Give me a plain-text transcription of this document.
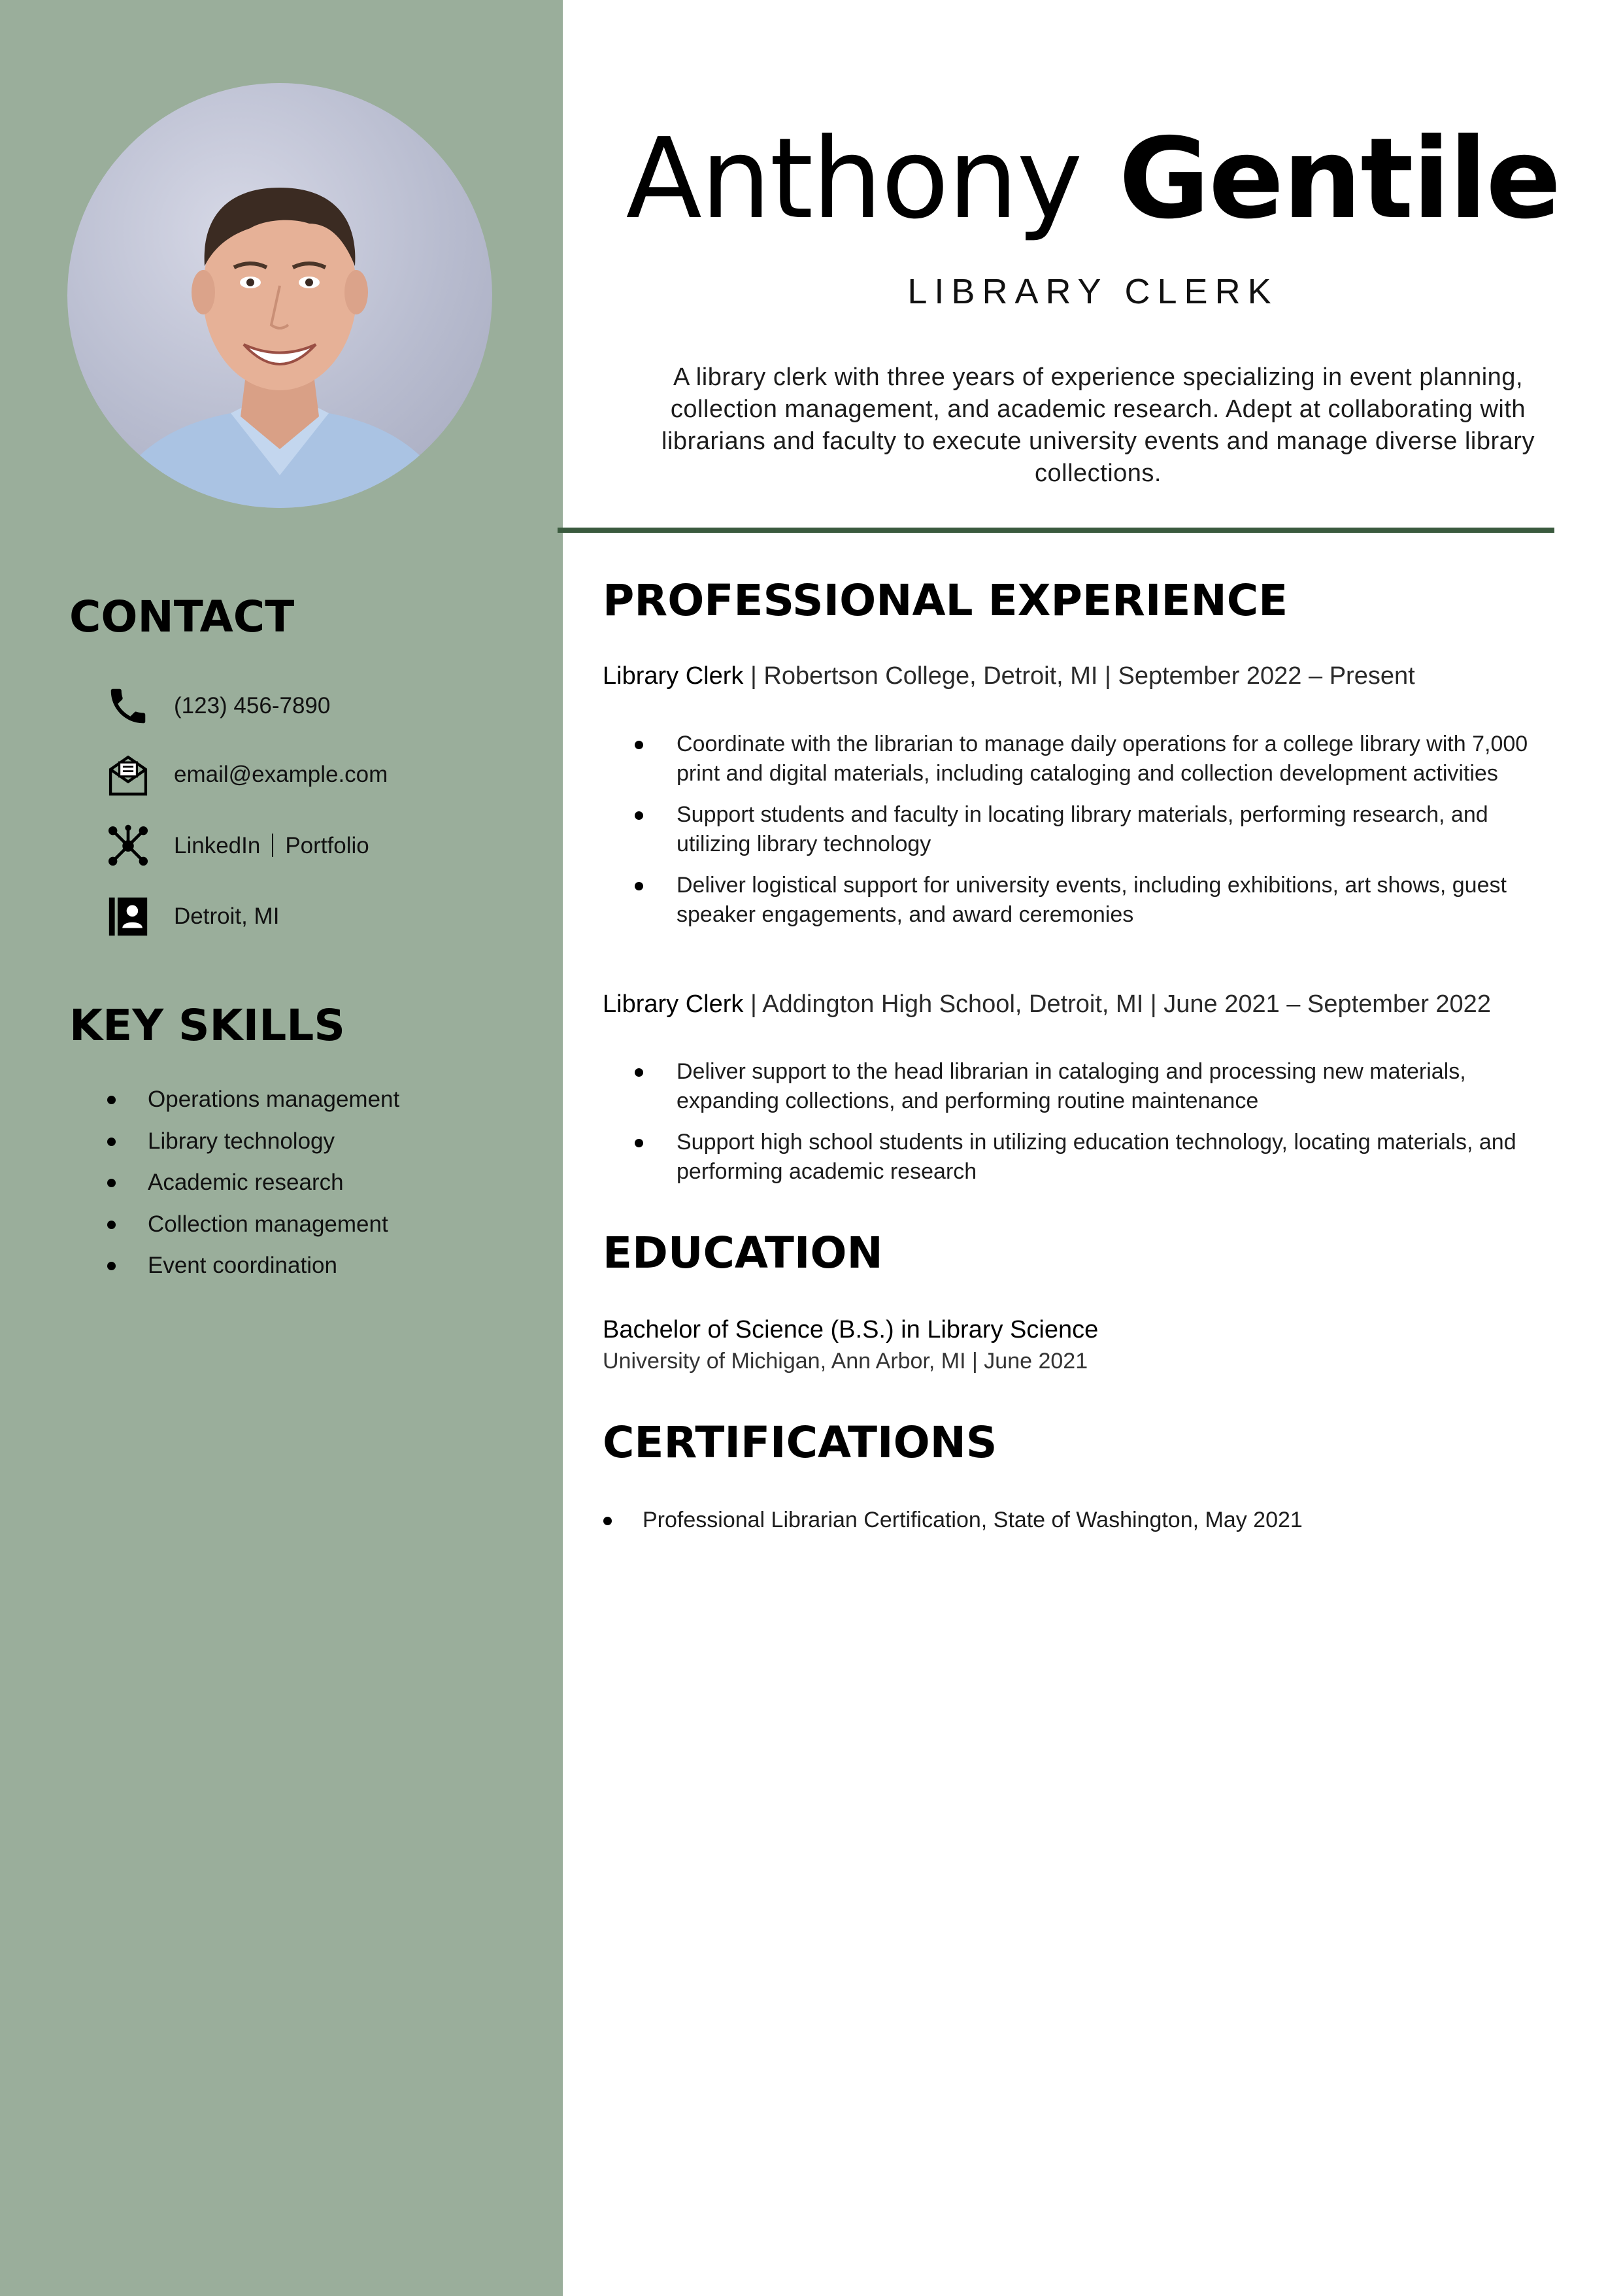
CONTACT
(123) 456-7890
email@example.com
LinkedIn Portfolio
Detroit, MI
KEY SKILLS
Operations management
Library technology
Academic research
Collection management
Event coordination
Anthony Gentile
LIBRARY CLERK
A library clerk with three years of experience specializing in event planning, collection management, and academic research. Adept at collaborating with librarians and faculty to execute university events and manage diverse library collections.
PROFESSIONAL EXPERIENCE
Library Clerk | Robertson College, Detroit, MI | September 2022 – Present
Coordinate with the librarian to manage daily operations for a college library with 7,000 print and digital materials, including cataloging and collection development activities
Support students and faculty in locating library materials, performing research, and utilizing library technology
Deliver logistical support for university events, including exhibitions, art shows, guest speaker engagements, and award ceremonies
Library Clerk | Addington High School, Detroit, MI | June 2021 – September 2022
Deliver support to the head librarian in cataloging and processing new materials, expanding collections, and performing routine maintenance
Support high school students in utilizing education technology, locating materials, and performing academic research
EDUCATION
Bachelor of Science (B.S.) in Library Science
University of Michigan, Ann Arbor, MI | June 2021
CERTIFICATIONS
Professional Librarian Certification, State of Washington, May 2021
